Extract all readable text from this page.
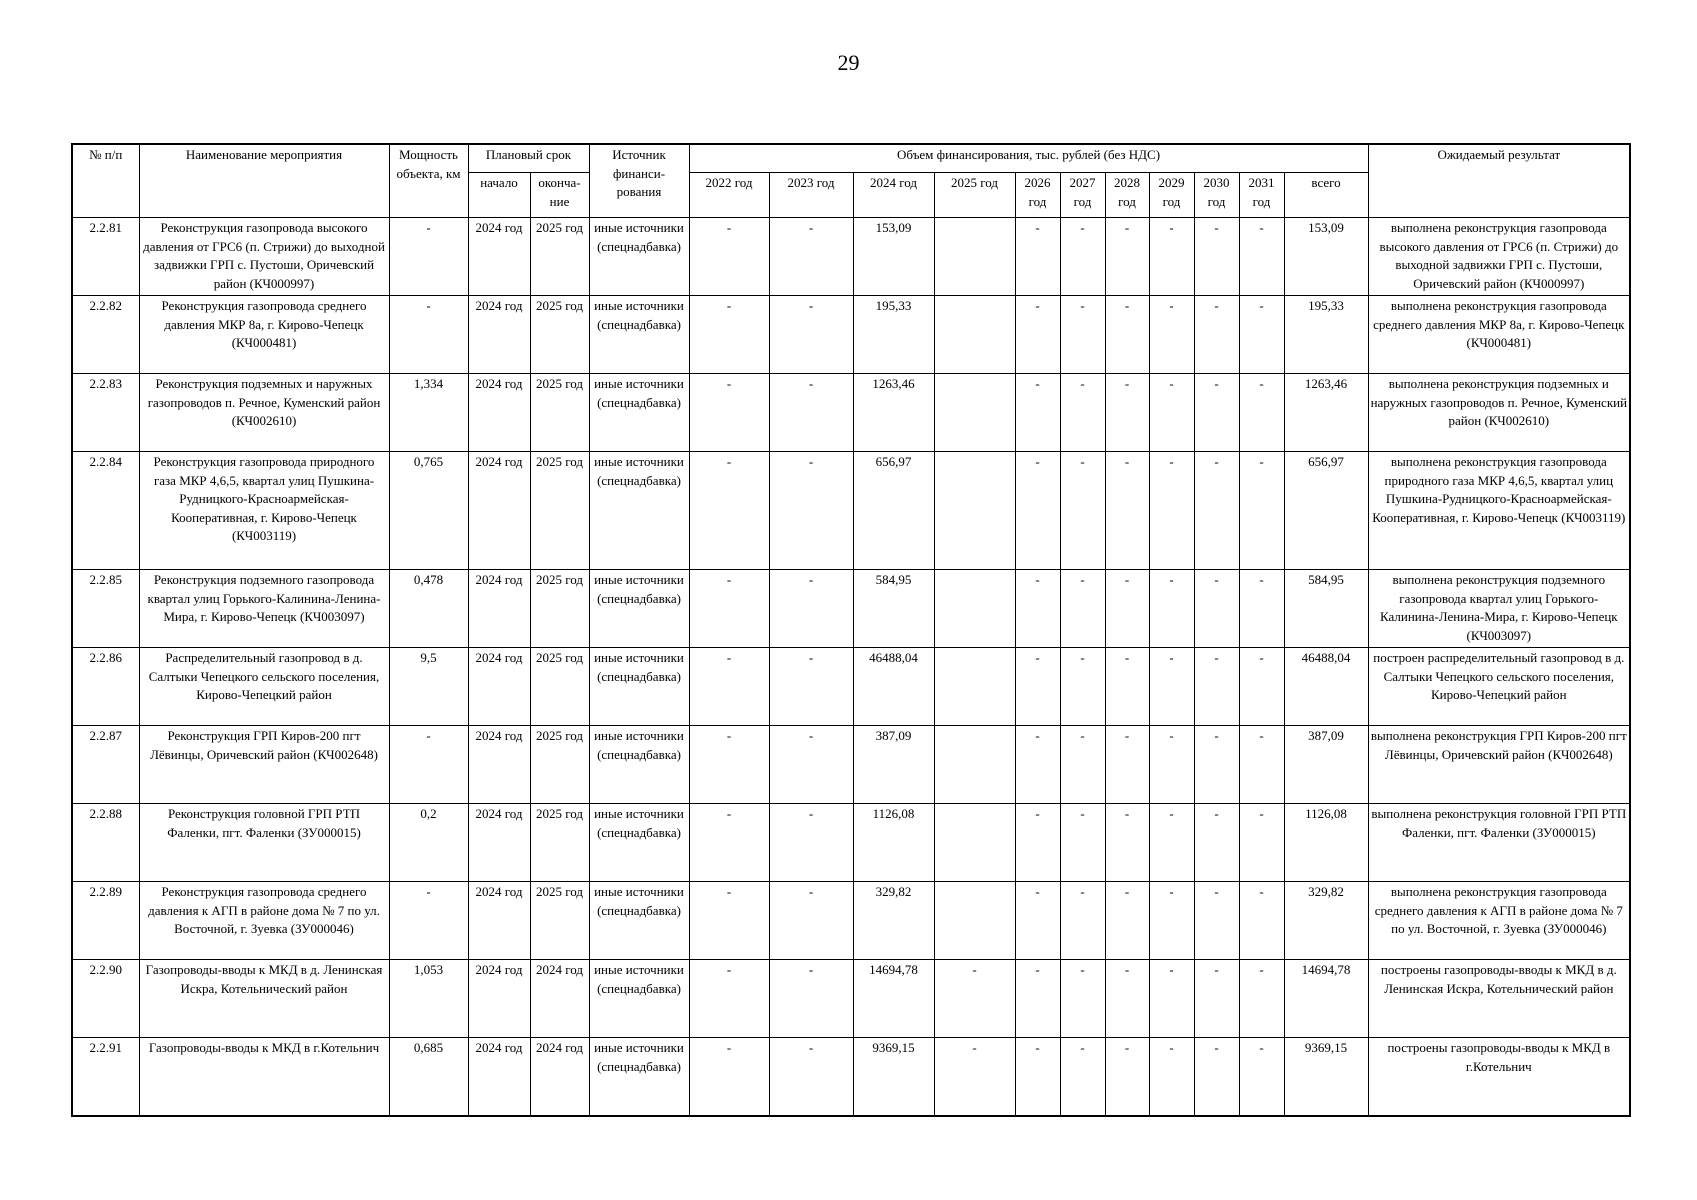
29
№ п/п	Наименование мероприятия	Мощность объекта, км	Плановый срок		Источник финанси-рования	Объем финансирования, тыс. рублей (без НДС)											Ожидаемый результат
			начало	оконча-ние		2022 год	2023 год	2024 год	2025 год	2026 год	2027 год	2028 год	2029 год	2030 год	2031 год	всего	
2.2.81	Реконструкция газопровода высокого давления от ГРС6 (п. Стрижи) до выходной задвижки ГРП с. Пустоши, Оричевский район (КЧ000997)	-	2024 год	2025 год	иные источники (спецнадбавка)	-	-	153,09		-	-	-	-	-	-	153,09	выполнена реконструкция газопровода высокого давления от ГРС6 (п. Стрижи) до выходной задвижки ГРП с. Пустоши, Оричевский район (КЧ000997)
2.2.82	Реконструкция газопровода среднего давления МКР 8а, г. Кирово-Чепецк (КЧ000481)	-	2024 год	2025 год	иные источники (спецнадбавка)	-	-	195,33		-	-	-	-	-	-	195,33	выполнена реконструкция газопровода среднего давления МКР 8а, г. Кирово-Чепецк (КЧ000481)
2.2.83	Реконструкция подземных и наружных газопроводов п. Речное, Куменский район (КЧ002610)	1,334	2024 год	2025 год	иные источники (спецнадбавка)	-	-	1263,46		-	-	-	-	-	-	1263,46	выполнена реконструкция подземных и наружных газопроводов п. Речное, Куменский район (КЧ002610)
2.2.84	Реконструкция газопровода природного газа МКР 4,6,5, квартал улиц Пушкина-Рудницкого-Красноармейская-Кооперативная, г. Кирово-Чепецк (КЧ003119)	0,765	2024 год	2025 год	иные источники (спецнадбавка)	-	-	656,97		-	-	-	-	-	-	656,97	выполнена реконструкция газопровода природного газа МКР 4,6,5, квартал улиц Пушкина-Рудницкого-Красноармейская-Кооперативная, г. Кирово-Чепецк (КЧ003119)
2.2.85	Реконструкция подземного газопровода квартал улиц Горького-Калинина-Ленина-Мира, г. Кирово-Чепецк (КЧ003097)	0,478	2024 год	2025 год	иные источники (спецнадбавка)	-	-	584,95		-	-	-	-	-	-	584,95	выполнена реконструкция подземного газопровода квартал улиц Горького-Калинина-Ленина-Мира, г. Кирово-Чепецк (КЧ003097)
2.2.86	Распределительный газопровод в д. Салтыки Чепецкого сельского поселения, Кирово-Чепецкий район	9,5	2024 год	2025 год	иные источники (спецнадбавка)	-	-	46488,04		-	-	-	-	-	-	46488,04	построен распределительный газопровод в д. Салтыки Чепецкого сельского поселения, Кирово-Чепецкий район
2.2.87	Реконструкция ГРП Киров-200 пгт Лёвинцы, Оричевский район (КЧ002648)	-	2024 год	2025 год	иные источники (спецнадбавка)	-	-	387,09		-	-	-	-	-	-	387,09	выполнена реконструкция ГРП Киров-200 пгт Лёвинцы, Оричевский район (КЧ002648)
2.2.88	Реконструкция головной ГРП РТП Фаленки, пгт. Фаленки (ЗУ000015)	0,2	2024 год	2025 год	иные источники (спецнадбавка)	-	-	1126,08		-	-	-	-	-	-	1126,08	выполнена реконструкция головной ГРП РТП Фаленки, пгт. Фаленки (ЗУ000015)
2.2.89	Реконструкция газопровода среднего давления к АГП в районе дома № 7 по ул. Восточной, г. Зуевка (ЗУ000046)	-	2024 год	2025 год	иные источники (спецнадбавка)	-	-	329,82		-	-	-	-	-	-	329,82	выполнена реконструкция газопровода среднего давления к АГП в районе дома № 7 по ул. Восточной, г. Зуевка (ЗУ000046)
2.2.90	Газопроводы-вводы к МКД в д. Ленинская Искра, Котельнический район	1,053	2024 год	2024 год	иные источники (спецнадбавка)	-	-	14694,78	-	-	-	-	-	-	-	14694,78	построены газопроводы-вводы к МКД в д. Ленинская Искра, Котельнический район
2.2.91	Газопроводы-вводы к МКД в г.Котельнич	0,685	2024 год	2024 год	иные источники (спецнадбавка)	-	-	9369,15	-	-	-	-	-	-	-	9369,15	построены газопроводы-вводы к МКД в г.Котельнич
